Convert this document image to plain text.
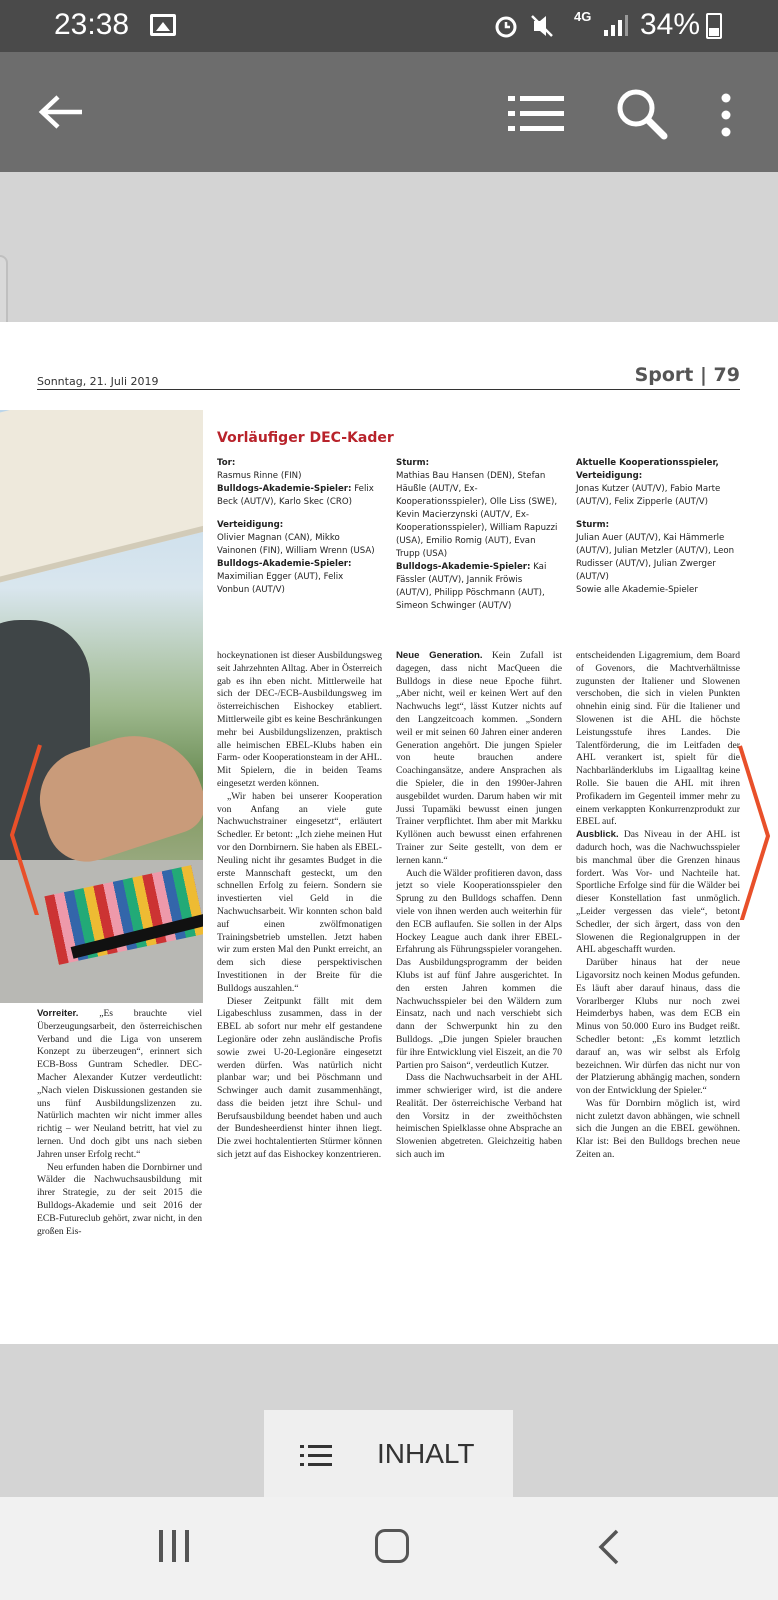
23:38	4G 34%
Sonntag, 21. Juli 2019	Sport | 79
Vorläufiger DEC-Kader
Tor:
Rasmus Rinne (FIN)
Bulldogs-Akademie-Spieler: Felix Beck (AUT/V), Karlo Skec (CRO)
Verteidigung:
Olivier Magnan (CAN), Mikko Vainonen (FIN), William Wrenn (USA)
Bulldogs-Akademie-Spieler: Maximilian Egger (AUT), Felix Vonbun (AUT/V)
Sturm:
Mathias Bau Hansen (DEN), Stefan Häußle (AUT/V, Ex-Kooperationsspieler), Olle Liss (SWE), Kevin Macierzynski (AUT/V, Ex-Kooperationsspieler), William Rapuzzi (USA), Emilio Romig (AUT), Evan Trupp (USA)
Bulldogs-Akademie-Spieler: Kai Fässler (AUT/V), Jannik Fröwis (AUT/V), Philipp Pöschmann (AUT), Simeon Schwinger (AUT/V)
Aktuelle Kooperationsspieler, Verteidigung:
Jonas Kutzer (AUT/V), Fabio Marte (AUT/V), Felix Zipperle (AUT/V)
Sturm:
Julian Auer (AUT/V), Kai Hämmerle (AUT/V), Julian Metzler (AUT/V), Leon Rudisser (AUT/V), Julian Zwerger (AUT/V)
Sowie alle Akademie-Spieler

Vorreiter. „Es brauchte viel Überzeugungsarbeit, den österreichischen Verband und die Liga von unserem Konzept zu überzeugen“, erinnert sich ECB-Boss Guntram Schedler. DEC-Macher Alexander Kutzer verdeutlicht: „Nach vielen Diskussionen gestanden sie uns fünf Ausbildungslizenzen zu. Natürlich machten wir nicht immer alles richtig – wer Neuland betritt, hat viel zu lernen. Und doch gibt uns nach sieben Jahren unser Erfolg recht.“

Neu erfunden haben die Dornbirner und Wälder die Nachwuchsausbildung mit ihrer Strategie, zu der seit 2015 die Bulldogs-Akademie und seit 2016 der ECB-Futureclub gehört, zwar nicht, in den großen Eis-

hockeynationen ist dieser Ausbildungsweg seit Jahrzehnten Alltag. Aber in Österreich gab es ihn eben nicht. Mittlerweile hat sich der DEC-/ECB-Ausbildungsweg im österreichischen Eishockey etabliert. Mittlerweile gibt es keine Beschränkungen mehr bei Ausbildungslizenzen, praktisch alle heimischen EBEL-Klubs haben ein Farm- oder Kooperationsteam in der AHL. Mit Spielern, die in beiden Teams eingesetzt werden können.

„Wir haben bei unserer Kooperation von Anfang an viele gute Nachwuchstrainer eingesetzt“, erläutert Schedler. Er betont: „Ich ziehe meinen Hut vor den Dornbirnern. Sie haben als EBEL-Neuling nicht ihr gesamtes Budget in die erste Mannschaft gesteckt, um den schnellen Erfolg zu feiern. Sondern sie investierten viel Geld in die Nachwuchsarbeit. Wir konnten schon bald auf einen zwölfmonatigen Trainingsbetrieb umstellen. Jetzt haben wir zum ersten Mal den Punkt erreicht, an dem sich diese perspektivischen Investitionen in der Breite für die Bulldogs auszahlen.“

Dieser Zeitpunkt fällt mit dem Ligabeschluss zusammen, dass in der EBEL ab sofort nur mehr elf gestandene Legionäre oder zehn ausländische Profis sowie zwei U-20-Legionäre eingesetzt werden dürfen. Was natürlich nicht planbar war; und bei Pöschmann und Schwinger auch damit zusammenhängt, dass die beiden jetzt ihre Schul- und Berufsausbildung beendet haben und auch der Bundesheerdienst hinter ihnen liegt. Die zwei hochtalentierten Stürmer können sich jetzt auf das Eishockey konzentrieren.

Neue Generation. Kein Zufall ist dagegen, dass nicht MacQueen die Bulldogs in diese neue Epoche führt. „Aber nicht, weil er keinen Wert auf den Nachwuchs legt“, lässt Kutzer nichts auf den Langzeitcoach kommen. „Sondern weil er mit seinen 60 Jahren einer anderen Generation angehört. Die jungen Spieler von heute brauchen andere Coachingansätze, andere Ansprachen als die Spieler, die in den 1990er-Jahren ausgebildet wurden. Darum haben wir mit Jussi Tupamäki bewusst einen jungen Trainer verpflichtet. Ihm aber mit Markku Kyllönen auch bewusst einen erfahrenen Trainer zur Seite gestellt, von dem er lernen kann.“

Auch die Wälder profitieren davon, dass jetzt so viele Kooperationsspieler den Sprung zu den Bulldogs schaffen. Denn viele von ihnen werden auch weiterhin für den ECB auflaufen. Sie sollen in der Alps Hockey League auch dank ihrer EBEL-Erfahrung als Führungsspieler vorangehen. Das Ausbildungsprogramm der beiden Klubs ist auf fünf Jahre ausgerichtet. In den ersten Jahren kommen die Nachwuchsspieler bei den Wäldern zum Einsatz, nach und nach verschiebt sich dann der Schwerpunkt hin zu den Bulldogs. „Die jungen Spieler brauchen für ihre Entwicklung viel Eiszeit, an die 70 Partien pro Saison“, verdeutlich Kutzer.

Dass die Nachwuchsarbeit in der AHL immer schwieriger wird, ist die andere Realität. Der österreichische Verband hat den Vorsitz in der zweithöchsten heimischen Spielklasse ohne Absprache an Slowenien abgetreten. Gleichzeitig haben sich auch im

entscheidenden Ligagremium, dem Board of Govenors, die Machtverhältnisse zugunsten der Italiener und Slowenen verschoben, die sich in vielen Punkten ohnehin einig sind. Für die Italiener und Slowenen ist die AHL die höchste Leistungsstufe ihres Landes. Die Talentförderung, die im Leitfaden der AHL verankert ist, spielt für die Nachbarländerklubs im Ligaalltag keine Rolle. Sie bauen die AHL mit ihren Profikadern im Gegenteil immer mehr zu einem verkappten Konkurrenzprodukt zur EBEL auf.

Ausblick. Das Niveau in der AHL ist dadurch hoch, was die Nachwuchsspieler bis manchmal über die Grenzen hinaus fordert. Was Vor- und Nachteile hat. Sportliche Erfolge sind für die Wälder bei dieser Konstellation fast unmöglich. „Leider vergessen das viele“, betont Schedler, der sich ärgert, dass von den Slowenen die Regionalgruppen in der AHL abgeschafft wurden.

Darüber hinaus hat der neue Ligavorsitz noch keinen Modus gefunden. Es läuft aber darauf hinaus, dass die Vorarlberger Klubs nur noch zwei Heimderbys haben, was dem ECB ein Minus von 50.000 Euro ins Budget reißt. Schedler betont: „Es kommt letztlich darauf an, was wir selbst als Erfolg bezeichnen. Wir dürfen das nicht nur von der Platzierung abhängig machen, sondern von der Entwicklung der Spieler.“

Was für Dornbirn möglich ist, wird nicht zuletzt davon abhängen, wie schnell sich die Jungen an die EBEL gewöhnen. Klar ist: Bei den Bulldogs brechen neue Zeiten an.

INHALT
